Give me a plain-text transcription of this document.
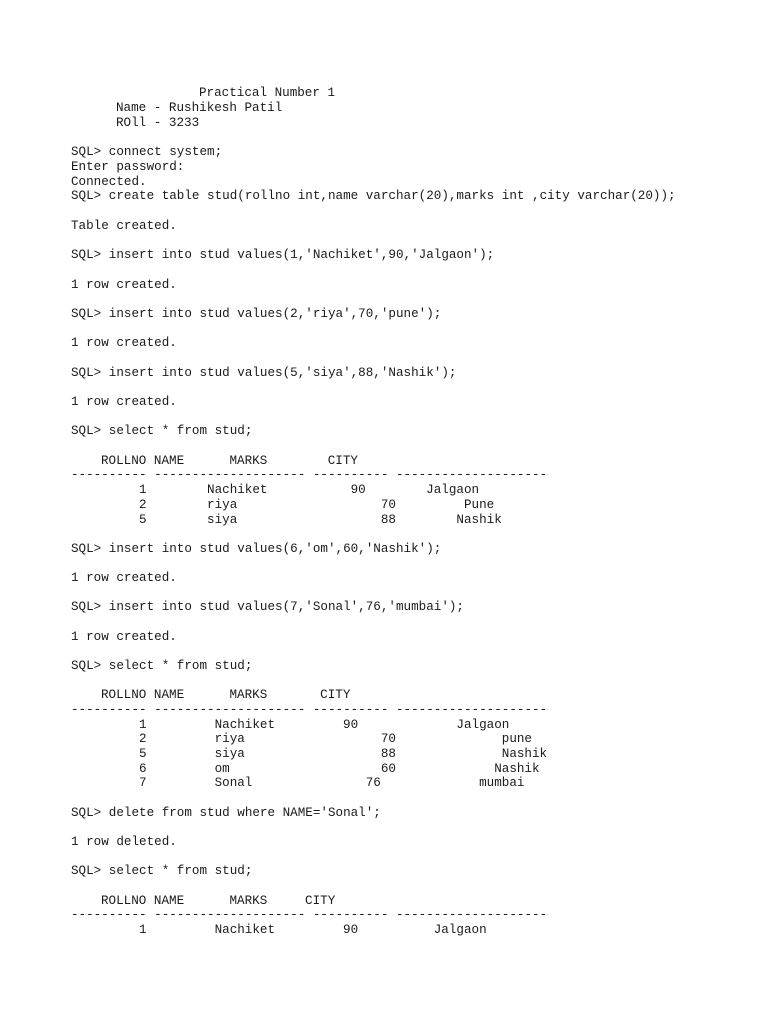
Practical Number 1
Name - Rushikesh Patil
ROll - 3233
SQL> connect system;
Enter password:
Connected.
SQL> create table stud(rollno int,name varchar(20),marks int ,city varchar(20));
Table created.
SQL> insert into stud values(1,'Nachiket',90,'Jalgaon');
1 row created.
SQL> insert into stud values(2,'riya',70,'pune');
1 row created.
SQL> insert into stud values(5,'siya',88,'Nashik');
1 row created.
SQL> select * from stud;
ROLLNO NAME      MARKS        CITY
---------- -------------------- ---------- --------------------
1        Nachiket           90        Jalgaon
2        riya                   70         Pune
5        siya                   88        Nashik
SQL> insert into stud values(6,'om',60,'Nashik');
1 row created.
SQL> insert into stud values(7,'Sonal',76,'mumbai');
1 row created.
SQL> select * from stud;
ROLLNO NAME      MARKS       CITY
---------- -------------------- ---------- --------------------
1         Nachiket         90             Jalgaon
2         riya                  70              pune
5         siya                  88              Nashik
6         om                    60             Nashik
7         Sonal               76             mumbai
SQL> delete from stud where NAME='Sonal';
1 row deleted.
SQL> select * from stud;
ROLLNO NAME      MARKS     CITY
---------- -------------------- ---------- --------------------
1         Nachiket         90          Jalgaon
